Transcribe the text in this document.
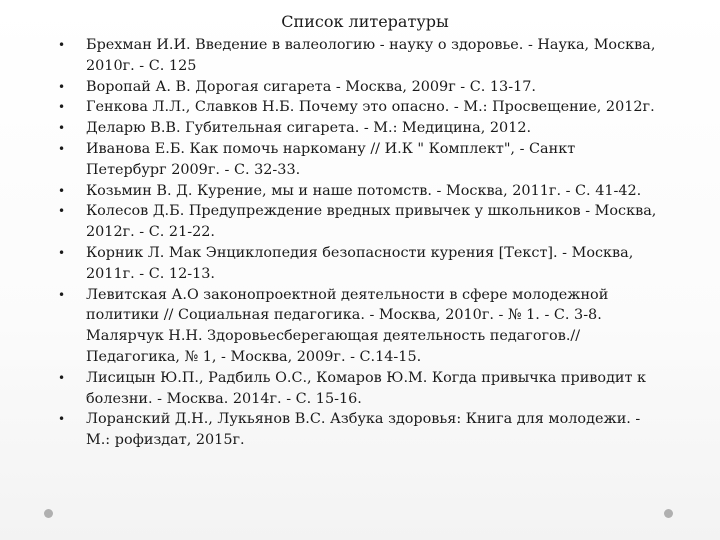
Список литературы
• Брехман И.И. Введение в валеологию - науку о здоровье. - Наука, Москва, 2010г. - С. 125
• Воропай А. В. Дорогая сигарета - Москва, 2009г - С. 13-17.
• Генкова Л.Л., Славков Н.Б. Почему это опасно. - М.: Просвещение, 2012г.
• Деларю В.В. Губительная сигарета. - М.: Медицина, 2012.
• Иванова Е.Б. Как помочь наркоману // И.К " Комплект", - Санкт Петербург 2009г. - С. 32-33.
• Козьмин В. Д. Курение, мы и наше потомств. - Москва, 2011г. - С. 41-42.
• Колесов Д.Б. Предупреждение вредных привычек у школьников - Москва, 2012г. - С. 21-22.
• Корник Л. Мак Энциклопедия безопасности курения [Текст]. - Москва, 2011г. - С. 12-13.
• Левитская А.О законопроектной деятельности в сфере молодежной политики // Социальная педагогика. - Москва, 2010г. - № 1. - С. 3-8. Малярчук Н.Н. Здоровьесберегающая деятельность педагогов.// Педагогика, № 1, - Москва, 2009г. - С.14-15.
• Лисицын Ю.П., Радбиль О.С., Комаров Ю.М. Когда привычка приводит к болезни. - Москва. 2014г. - С. 15-16.
• Лоранский Д.Н., Лукьянов В.С. Азбука здоровья: Книга для молодежи. - М.: рофиздат, 2015г.
